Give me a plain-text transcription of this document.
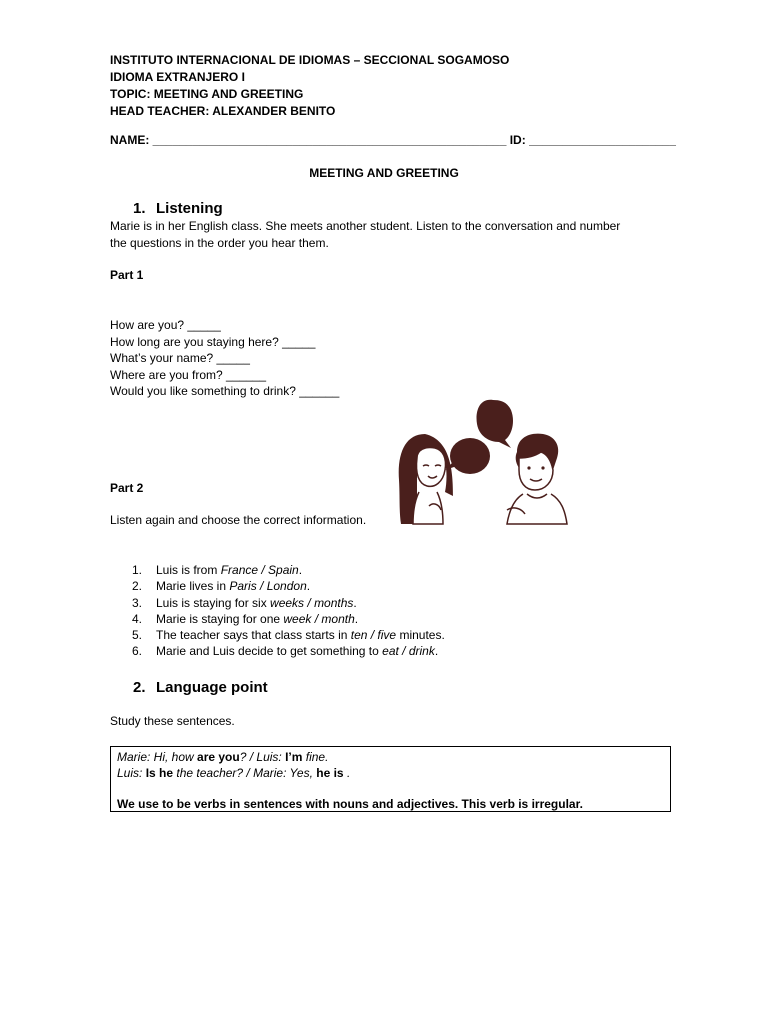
INSTITUTO INTERNACIONAL DE IDIOMAS – SECCIONAL SOGAMOSO
IDIOMA EXTRANJERO I
TOPIC: MEETING AND GREETING
HEAD TEACHER: ALEXANDER BENITO
NAME: _____________________________________________________ ID: ______________________
MEETING AND GREETING
1. Listening
Marie is in her English class. She meets another student. Listen to the conversation and number the questions in the order you hear them.
Part 1
How are you? _____
How long are you staying here? _____
What’s your name? _____
Where are you from? ______
Would you like something to drink? ______
Part 2
Listen again and choose the correct information.
1. Luis is from France / Spain.
2. Marie lives in Paris / London.
3. Luis is staying for six weeks / months.
4. Marie is staying for one week / month.
5. The teacher says that class starts in ten / five minutes.
6. Marie and Luis decide to get something to eat / drink.
2. Language point
Study these sentences.
Marie: Hi, how are you? / Luis: I’m fine.
Luis: Is he the teacher? / Marie: Yes, he is .
We use to be verbs in sentences with nouns and adjectives. This verb is irregular.
